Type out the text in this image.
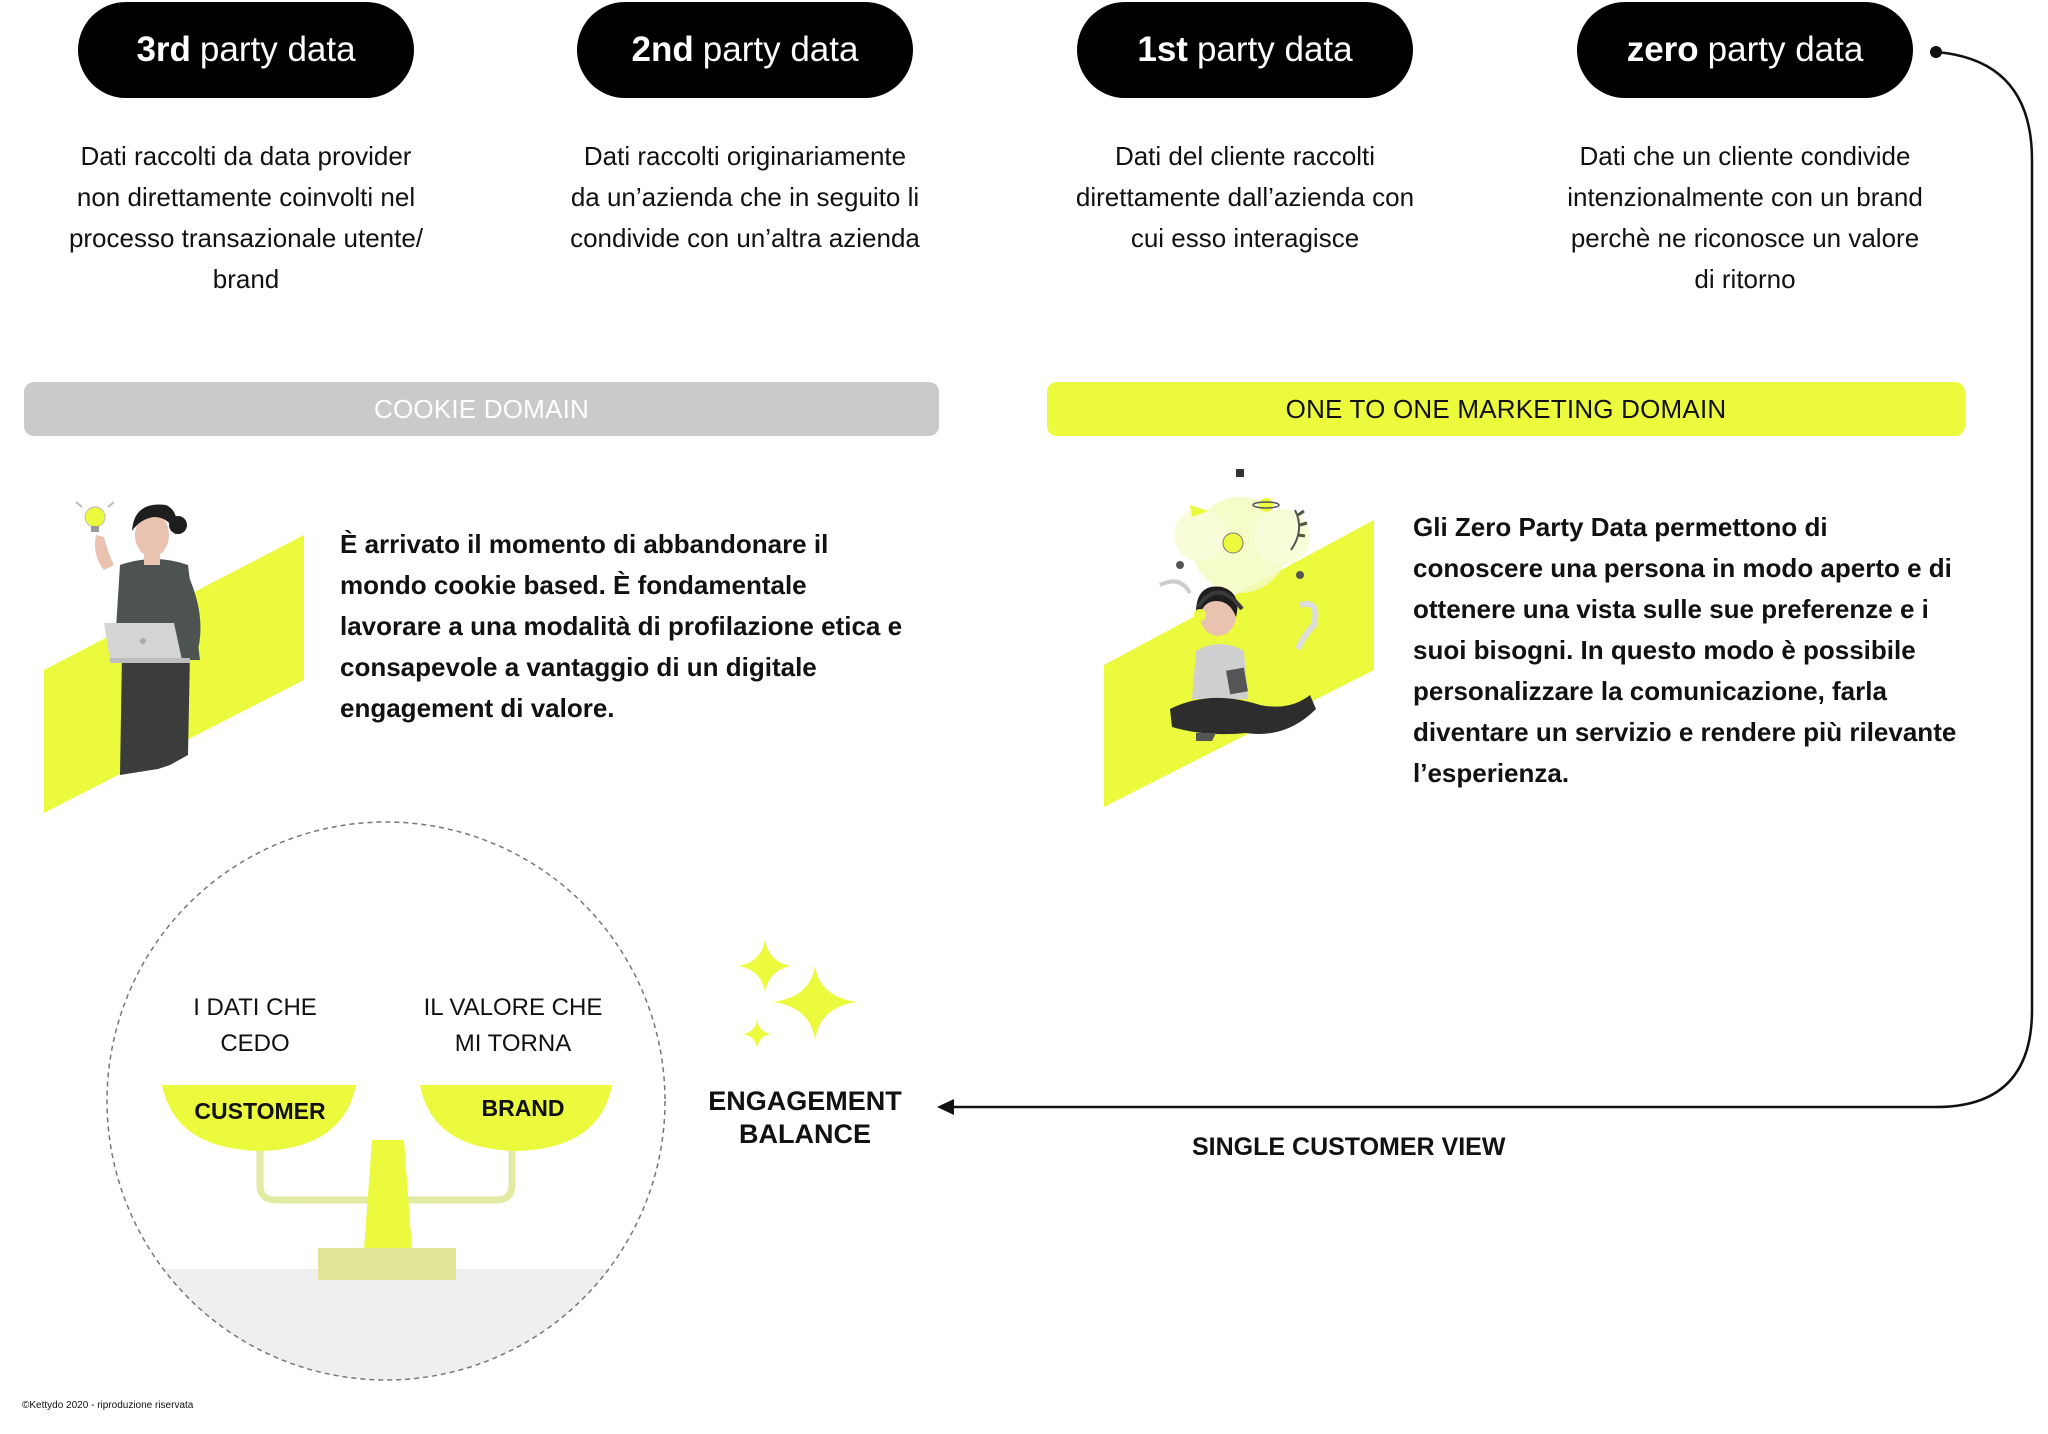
3rd party data	2nd party data	1st party data	zero party data
Dati raccolti da data provider
non direttamente coinvolti nel
processo transazionale utente/
brand
Dati raccolti originariamente
da un’azienda che in seguito li
condivide con un’altra azienda
Dati del cliente raccolti
direttamente dall’azienda con
cui esso interagisce
Dati che un cliente condivide
intenzionalmente con un brand
perchè ne riconosce un valore
di ritorno
COOKIE DOMAIN	ONE TO ONE MARKETING DOMAIN
È arrivato il momento di abbandonare il
mondo cookie based. È fondamentale
lavorare a una modalità di profilazione etica e
consapevole a vantaggio di un digitale
engagement di valore.
Gli Zero Party Data permettono di
conoscere una persona in modo aperto e di
ottenere una vista sulle sue preferenze e i
suoi bisogni. In questo modo è possibile
personalizzare la comunicazione, farla
diventare un servizio e rendere più rilevante
l’esperienza.
ENGAGEMENT
BALANCE	SINGLE CUSTOMER VIEW
I DATI CHE
CEDO
IL VALORE CHE
MI TORNA
CUSTOMER	BRAND
©Kettydo 2020 - riproduzione riservata
